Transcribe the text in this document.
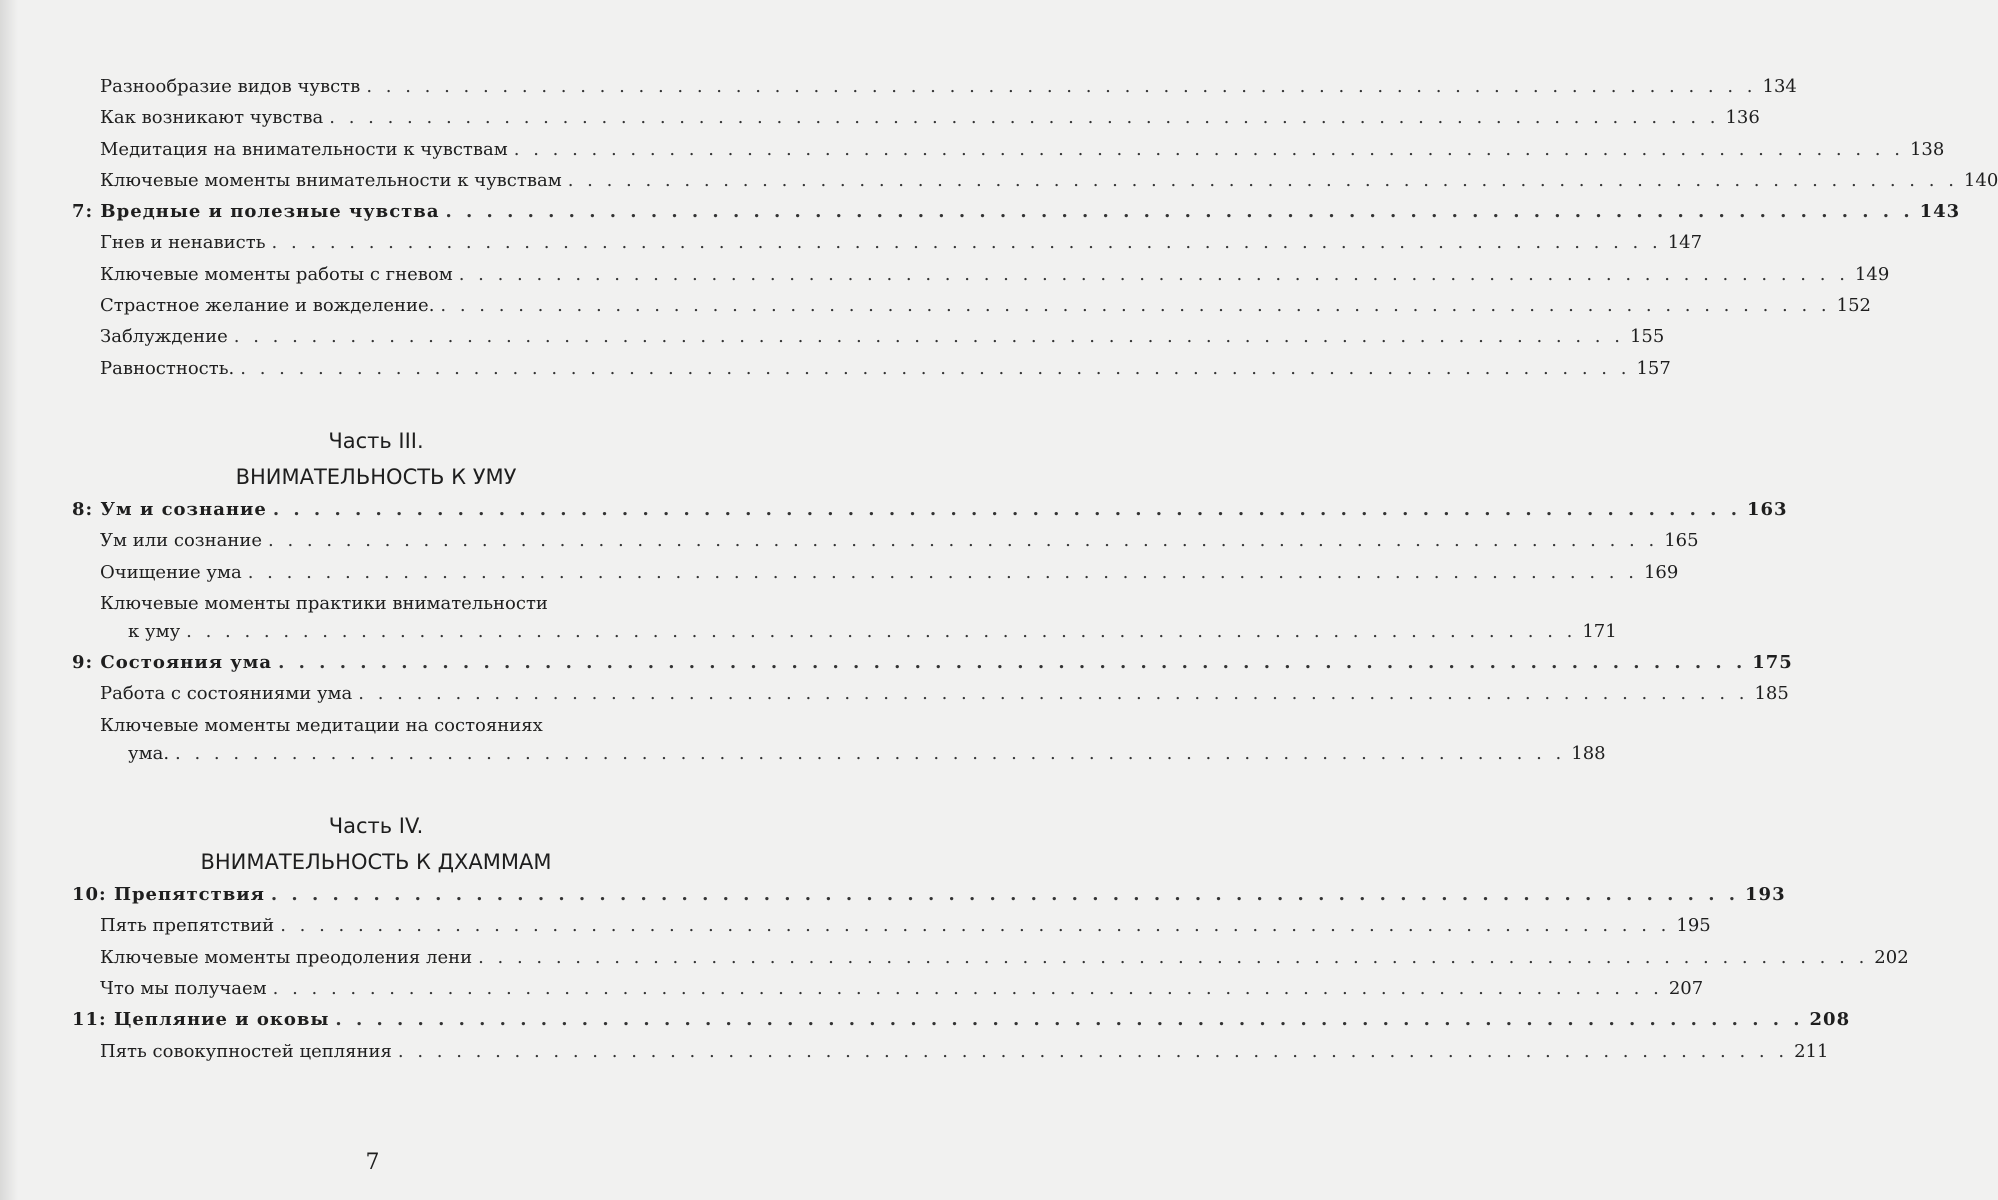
Разнообразие видов чувств . . . . . . . . . . . . . . . . . . . . . . . . . . . . . . . . . . . . . . . . . . . . . . . . . . . . . . . . . . . . . . . . . . . . . . . . 134
Как возникают чувства . . . . . . . . . . . . . . . . . . . . . . . . . . . . . . . . . . . . . . . . . . . . . . . . . . . . . . . . . . . . . . . . . . . . . . . . 136
Медитация на внимательности к чувствам . . . . . . . . . . . . . . . . . . . . . . . . . . . . . . . . . . . . . . . . . . . . . . . . . . . . . . . . . . . . . . . . . . . . . . . . 138
Ключевые моменты внимательности к чувствам . . . . . . . . . . . . . . . . . . . . . . . . . . . . . . . . . . . . . . . . . . . . . . . . . . . . . . . . . . . . . . . . . . . . . . . . 140
7: Вредные и полезные чувства . . . . . . . . . . . . . . . . . . . . . . . . . . . . . . . . . . . . . . . . . . . . . . . . . . . . . . . . . . . . . . . . . . . . . . . . 143
Гнев и ненависть . . . . . . . . . . . . . . . . . . . . . . . . . . . . . . . . . . . . . . . . . . . . . . . . . . . . . . . . . . . . . . . . . . . . . . . . 147
Ключевые моменты работы с гневом . . . . . . . . . . . . . . . . . . . . . . . . . . . . . . . . . . . . . . . . . . . . . . . . . . . . . . . . . . . . . . . . . . . . . . . . 149
Страстное желание и вожделение. . . . . . . . . . . . . . . . . . . . . . . . . . . . . . . . . . . . . . . . . . . . . . . . . . . . . . . . . . . . . . . . . . . . . . . . . 152
Заблуждение . . . . . . . . . . . . . . . . . . . . . . . . . . . . . . . . . . . . . . . . . . . . . . . . . . . . . . . . . . . . . . . . . . . . . . . . 155
Равностность. . . . . . . . . . . . . . . . . . . . . . . . . . . . . . . . . . . . . . . . . . . . . . . . . . . . . . . . . . . . . . . . . . . . . . . . . 157
Часть III.
ВНИМАТЕЛЬНОСТЬ К УМУ
8: Ум и сознание . . . . . . . . . . . . . . . . . . . . . . . . . . . . . . . . . . . . . . . . . . . . . . . . . . . . . . . . . . . . . . . . . . . . . . . . 163
Ум или сознание . . . . . . . . . . . . . . . . . . . . . . . . . . . . . . . . . . . . . . . . . . . . . . . . . . . . . . . . . . . . . . . . . . . . . . . . 165
Очищение ума . . . . . . . . . . . . . . . . . . . . . . . . . . . . . . . . . . . . . . . . . . . . . . . . . . . . . . . . . . . . . . . . . . . . . . . . 169
Ключевые моменты практики внимательности
к уму . . . . . . . . . . . . . . . . . . . . . . . . . . . . . . . . . . . . . . . . . . . . . . . . . . . . . . . . . . . . . . . . . . . . . . . . 171
9: Состояния ума . . . . . . . . . . . . . . . . . . . . . . . . . . . . . . . . . . . . . . . . . . . . . . . . . . . . . . . . . . . . . . . . . . . . . . . . 175
Работа с состояниями ума . . . . . . . . . . . . . . . . . . . . . . . . . . . . . . . . . . . . . . . . . . . . . . . . . . . . . . . . . . . . . . . . . . . . . . . . 185
Ключевые моменты медитации на состояниях
ума. . . . . . . . . . . . . . . . . . . . . . . . . . . . . . . . . . . . . . . . . . . . . . . . . . . . . . . . . . . . . . . . . . . . . . . . . 188
Часть IV.
ВНИМАТЕЛЬНОСТЬ К ДХАММАМ
10: Препятствия . . . . . . . . . . . . . . . . . . . . . . . . . . . . . . . . . . . . . . . . . . . . . . . . . . . . . . . . . . . . . . . . . . . . . . . . 193
Пять препятствий . . . . . . . . . . . . . . . . . . . . . . . . . . . . . . . . . . . . . . . . . . . . . . . . . . . . . . . . . . . . . . . . . . . . . . . . 195
Ключевые моменты преодоления лени . . . . . . . . . . . . . . . . . . . . . . . . . . . . . . . . . . . . . . . . . . . . . . . . . . . . . . . . . . . . . . . . . . . . . . . . 202
Что мы получаем . . . . . . . . . . . . . . . . . . . . . . . . . . . . . . . . . . . . . . . . . . . . . . . . . . . . . . . . . . . . . . . . . . . . . . . . 207
11: Цепляние и оковы . . . . . . . . . . . . . . . . . . . . . . . . . . . . . . . . . . . . . . . . . . . . . . . . . . . . . . . . . . . . . . . . . . . . . . . . 208
Пять совокупностей цепляния . . . . . . . . . . . . . . . . . . . . . . . . . . . . . . . . . . . . . . . . . . . . . . . . . . . . . . . . . . . . . . . . . . . . . . . . 211
7
